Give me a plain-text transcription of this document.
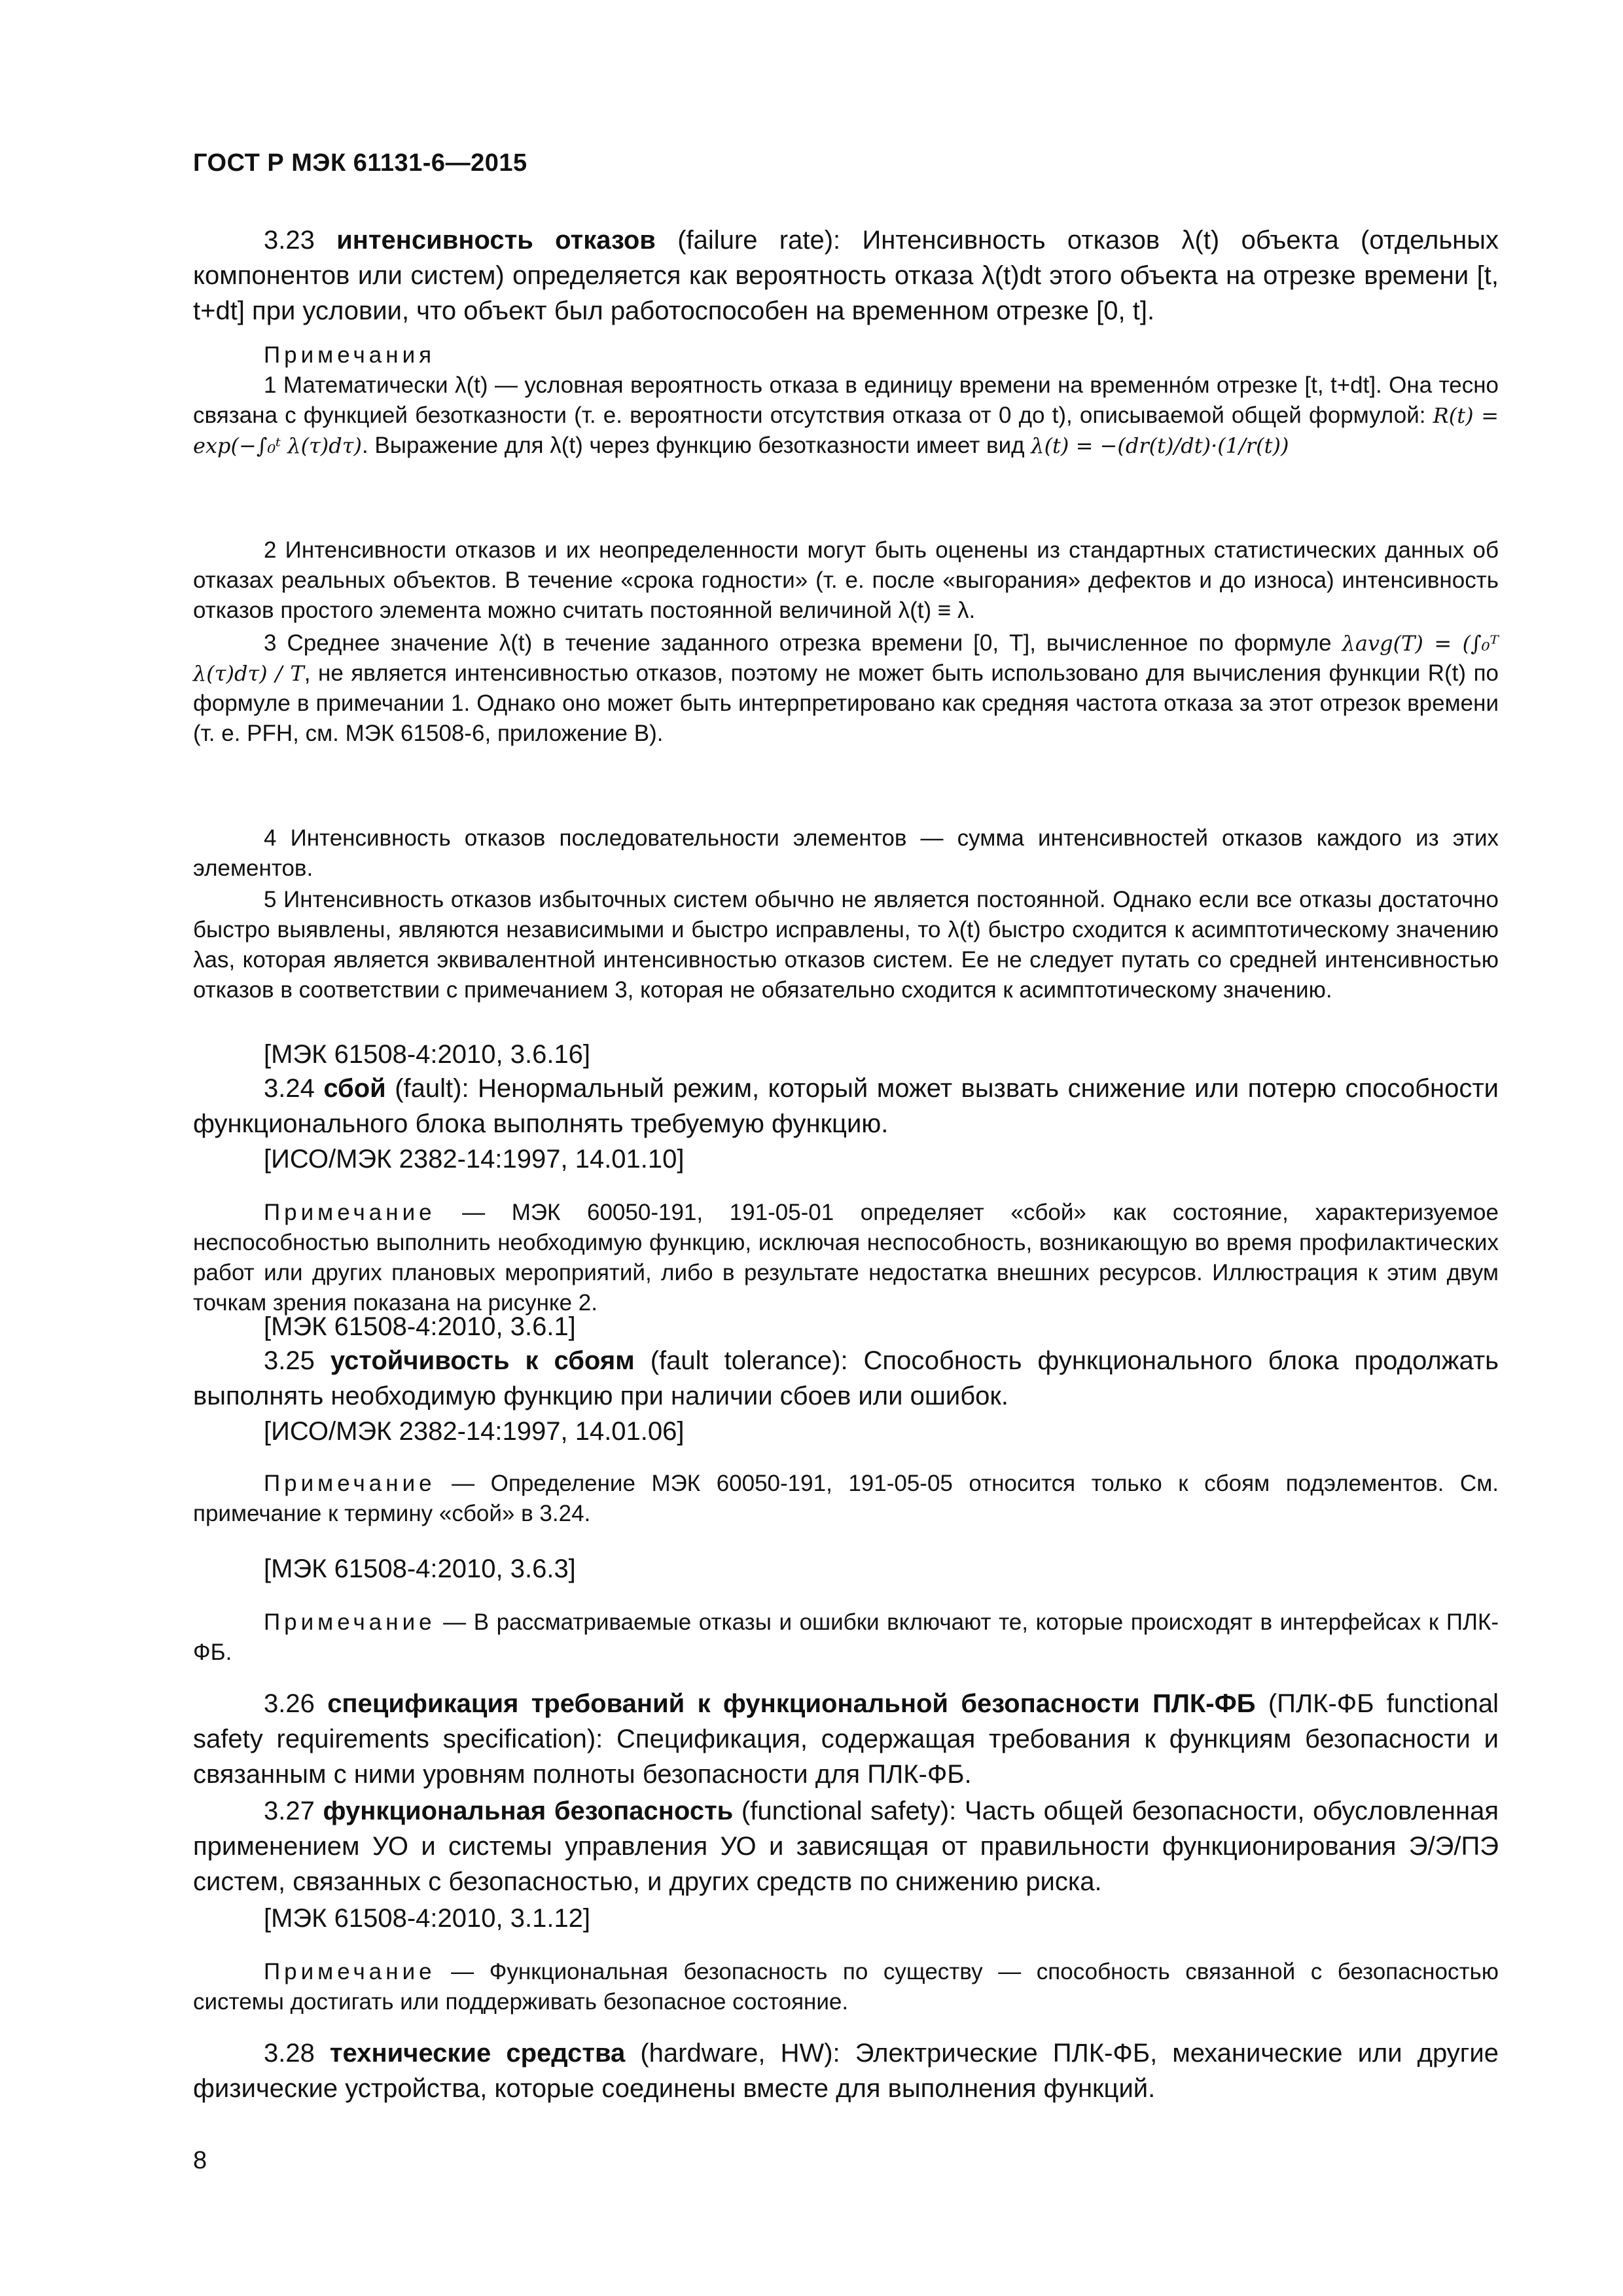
ГОСТ Р МЭК 61131-6—2015
3.23 интенсивность отказов (failure rate): Интенсивность отказов λ(t) объекта (отдельных компонентов или систем) определяется как вероятность отказа λ(t)dt этого объекта на отрезке времени [t, t+dt] при условии, что объект был работоспособен на временном отрезке [0, t].
Примечания
1 Математически λ(t) — условная вероятность отказа в единицу времени на временно́м отрезке [t, t+dt]. Она тесно связана с функцией безотказности (т. е. вероятности отсутствия отказа от 0 до t), описываемой общей формулой: R(t) = exp(−∫₀ᵗ λ(τ)dτ). Выражение для λ(t) через функцию безотказности имеет вид λ(t) = −(dr(t)/dt)·(1/r(t))
2 Интенсивности отказов и их неопределенности могут быть оценены из стандартных статистических данных об отказах реальных объектов. В течение «срока годности» (т. е. после «выгорания» дефектов и до износа) интенсивность отказов простого элемента можно считать постоянной величиной λ(t) ≡ λ.
3 Среднее значение λ(t) в течение заданного отрезка времени [0, T], вычисленное по формуле λavg(T) = (∫₀ᵀ λ(τ)dτ) / T, не является интенсивностью отказов, поэтому не может быть использовано для вычисления функции R(t) по формуле в примечании 1. Однако оно может быть интерпретировано как средняя частота отказа за этот отрезок времени (т. е. PFH, см. МЭК 61508-6, приложение В).
4 Интенсивность отказов последовательности элементов — сумма интенсивностей отказов каждого из этих элементов.
5 Интенсивность отказов избыточных систем обычно не является постоянной. Однако если все отказы достаточно быстро выявлены, являются независимыми и быстро исправлены, то λ(t) быстро сходится к асимптотическому значению λas, которая является эквивалентной интенсивностью отказов систем. Ее не следует путать со средней интенсивностью отказов в соответствии с примечанием 3, которая не обязательно сходится к асимптотическому значению.
[МЭК 61508-4:2010, 3.6.16]
3.24 сбой (fault): Ненормальный режим, который может вызвать снижение или потерю способности функционального блока выполнять требуемую функцию.
[ИСО/МЭК 2382-14:1997, 14.01.10]
Примечание — МЭК 60050-191, 191-05-01 определяет «сбой» как состояние, характеризуемое неспособностью выполнить необходимую функцию, исключая неспособность, возникающую во время профилактических работ или других плановых мероприятий, либо в результате недостатка внешних ресурсов. Иллюстрация к этим двум точкам зрения показана на рисунке 2.
[МЭК 61508-4:2010, 3.6.1]
3.25 устойчивость к сбоям (fault tolerance): Способность функционального блока продолжать выполнять необходимую функцию при наличии сбоев или ошибок.
[ИСО/МЭК 2382-14:1997, 14.01.06]
Примечание — Определение МЭК 60050-191, 191-05-05 относится только к сбоям подэлементов. См. примечание к термину «сбой» в 3.24.
[МЭК 61508-4:2010, 3.6.3]
Примечание — В рассматриваемые отказы и ошибки включают те, которые происходят в интерфейсах к ПЛК-ФБ.
3.26 спецификация требований к функциональной безопасности ПЛК-ФБ (ПЛК-ФБ functional safety requirements specification): Спецификация, содержащая требования к функциям безопасности и связанным с ними уровням полноты безопасности для ПЛК-ФБ.
3.27 функциональная безопасность (functional safety): Часть общей безопасности, обусловленная применением УО и системы управления УО и зависящая от правильности функционирования Э/Э/ПЭ систем, связанных с безопасностью, и других средств по снижению риска.
[МЭК 61508-4:2010, 3.1.12]
Примечание — Функциональная безопасность по существу — способность связанной с безопасностью системы достигать или поддерживать безопасное состояние.
3.28 технические средства (hardware, HW): Электрические ПЛК-ФБ, механические или другие физические устройства, которые соединены вместе для выполнения функций.
8
